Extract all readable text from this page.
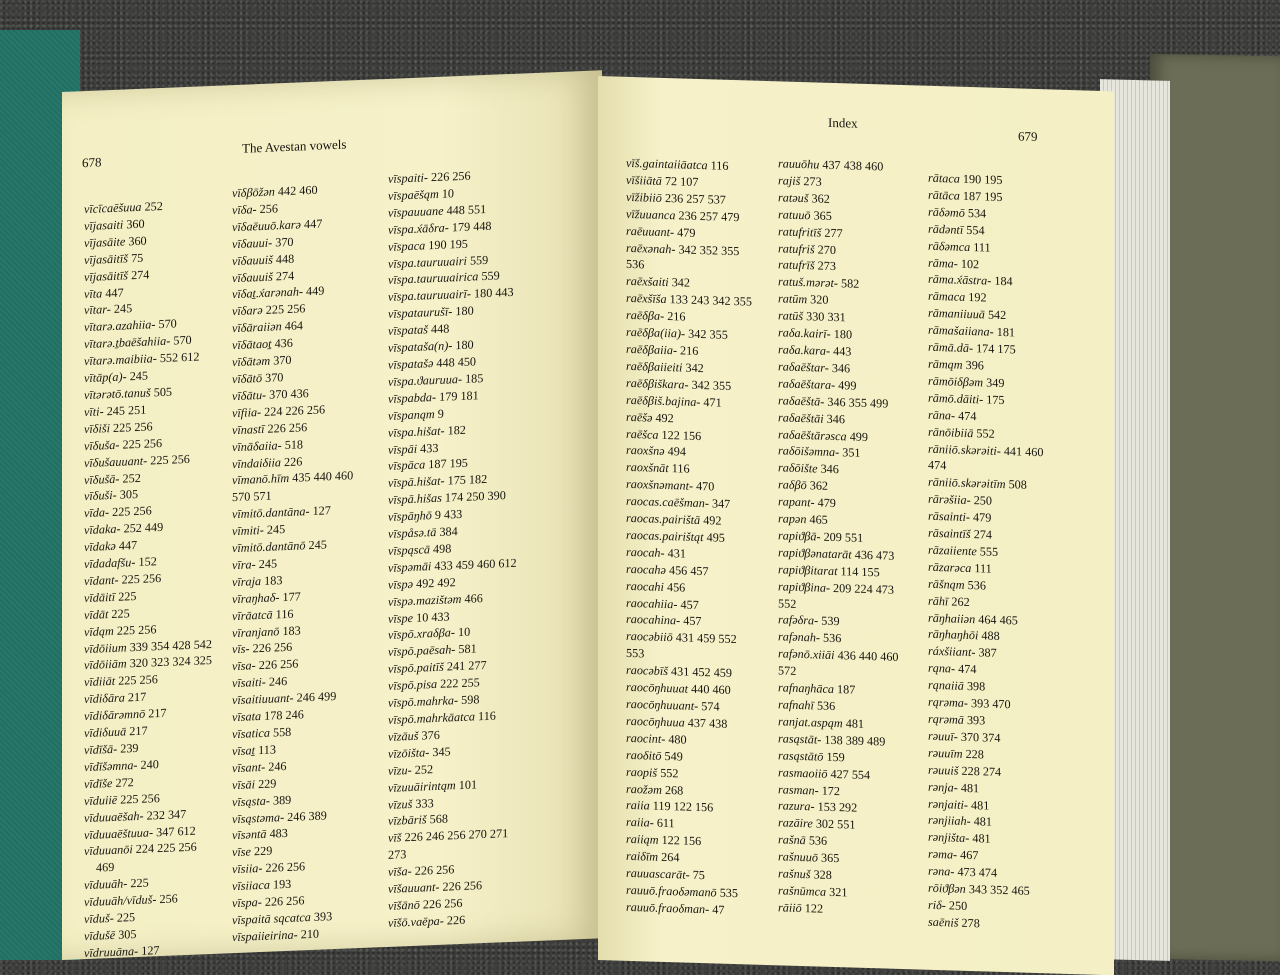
678
The Avestan vowels
vīcīcaēšuua 252
vījasaiti 360
vījasāite 360
vījasāitīš 75
vījasāitīš 274
vīta 447
vītar- 245
vītarə.azahiia- 570
vītarə.ṯbaēšahiia- 570
vītarə.maibiia- 552 612
vītāp(a)- 245
vītərətō.tanuš 505
vīti- 245 251
vīδiši 225 256
vīδuša- 225 256
vīδušauuant- 225 256
vīδušā- 252
vīδuši- 305
vīda- 225 256
vīdaka- 252 449
vīdakə 447
vīdadafšu- 152
vīdant- 225 256
vīdāitī 225
vīdāt 225
vīdąm 225 256
vīdōiium 339 354 428 542
vīdōiiām 320 323 324 325
vīdiiāt 225 256
vīdiδāra 217
vīdiδārəmnō 217
vīdiδuuā 217
vīdīšā- 239
vīdīšəmna- 240
vīdīše 272
vīduiiē 225 256
vīduuaēšah- 232 347
vīduuaēštuua- 347 612
vīduuanōi 224 225 256
469
vīduuāh- 225
vīduuāh/vīduš- 256
vīduš- 225
vīdušē 305
vīdruuāna- 127
vīδβōžən 442 460
vīδa- 256
vīδaēuuō.karə 447
vīδauui- 370
vīδauuiš 448
vīδauuiš 274
vīδaṯ.x́arənah- 449
vīδarə 225 256
vīδāraiiən 464
vīδātaoṯ 436
vīδātəm 370
vīδātō 370
vīδātu- 370 436
vīfiia- 224 226 256
vīnastī 226 256
vīnāδaiia- 518
vīndaiδiia 226
vīmanō.hīm 435 440 460
570 571
vīmitō.dantāna- 127
vīmiti- 245
vīmitō.dantānō 245
vīra- 245
vīraja 183
vīraŋhaδ- 177
vīrāatcā 116
vīranjanō 183
vīs- 226 256
vīsa- 226 256
vīsaiti- 246
vīsaitiuuant- 246 499
vīsata 178 246
vīsatica 558
vīsaṯ 113
vīsant- 246
vīsāi 229
vīsąsta- 389
vīsąstəma- 246 389
vīsəntā 483
vīse 229
vīsiia- 226 256
vīsiiaca 193
vīspa- 226 256
vīspaitā sqcatca 393
vīspaiieirina- 210
vīspaiti- 226 256
vīspaēšąm 10
vīspauuane 448 551
vīspa.x́āδra- 179 448
vīspaca 190 195
vīspa.tauruuairi 559
vīspa.tauruuairica 559
vīspa.tauruuairī- 180 443
vīspataurušī- 180
vīspataš 448
vīspataša(n)- 180
vīspatašə 448 450
vīspa.ϑauruua- 185
vīspabda- 179 181
vīspanąm 9
vīspa.hišat- 182
vīspāi 433
vīspāca 187 195
vīspā.hišat- 175 182
vīspā.hišas 174 250 390
vīspāŋhō 9 433
vīspåsə.tā 384
vīspąscā 498
vīspəmāi 433 459 460 612
vīspə 492 492
vīspə.mazištəm 466
vīspe 10 433
vīspō.xraδβa- 10
vīspō.paēsah- 581
vīspō.paitīš 241 277
vīspō.pisa 222 255
vīspō.mahrka- 598
vīspō.mahrkāatca 116
vīzāuš 376
vīzōišta- 345
vīzu- 252
vīzuuāirintąm 101
vīzuš 333
vīzbāriš 568
vīš 226 246 256 270 271
273
vīša- 226 256
vīšauuant- 226 256
vīšānō 226 256
vīšō.vaēpa- 226
Index
679
vīš.gaintaiiāatca 116
vīšiiātā 72 107
vīžibiiō 236 257 537
vīžuuanca 236 257 479
raēuuant- 479
raēxənah- 342 352 355
536
raēxšaiti 342
raēxšīša 133 243 342 355
raēδβa- 216
raēδβa(iia)- 342 355
raēδβaiia- 216
raēδβaiieiti 342
raēδβiškara- 342 355
raēδβiš.bajina- 471
raēšə 492
raēšca 122 156
raoxšnə 494
raoxšnāt 116
raoxšnəmant- 470
raocas.caēšman- 347
raocas.pairištā 492
raocas.pairištąt 495
raocah- 431
raocahə 456 457
raocahi 456
raocahiia- 457
raocahina- 457
raocəbiiō 431 459 552
553
raocəbīš 431 452 459
raocōŋhuuat 440 460
raocōŋhuuant- 574
raocōŋhuua 437 438
raocint- 480
raoδitō 549
raopiš 552
raožəm 268
raiia 119 122 156
raiia- 611
raiiąm 122 156
raiδīm 264
rauuascarāt- 75
rauuō.fraoδəmanō 535
rauuō.fraoδman- 47
rauuōhu 437 438 460
rajiš 273
ratəuš 362
ratuuō 365
ratufritīš 277
ratufriš 270
ratufrīš 273
ratuš.mərət- 582
ratūm 320
ratūš 330 331
raδa.kairī- 180
raδa.kara- 443
raδaēštar- 346
raδaēštara- 499
raδaēštā- 346 355 499
raδaēštāi 346
raδaēštārəsca 499
raδōišəmna- 351
raδōište 346
raδβō 362
rapant- 479
rapən 465
rapiϑβā- 209 551
rapiϑβənatarāt 436 473
rapiϑβitarat 114 155
rapiϑβina- 209 224 473
552
rafəδra- 539
rafənah- 536
rafənō.xiiāi 436 440 460
572
rafnaŋhāca 187
rafnahī 536
ranjat.aspąm 481
rasąstāt- 138 389 489
rasąstātō 159
rasmaoiiō 427 554
rasman- 172
razura- 153 292
razāire 302 551
rašnā 536
rašnuuō 365
rašnuš 328
rašnūmca 321
rāiiō 122
rātaca 190 195
rātāca 187 195
rāδəmō 534
rādəntī 554
rāδəmca 111
rāma- 102
rāma.x́āstra- 184
rāmaca 192
rāmaniiuuā 542
rāmašaiiana- 181
rāmā.dā- 174 175
rāmąm 396
rāmōiδβəm 349
rāmō.dāiti- 175
rāna- 474
rānōibiiā 552
rāniiō.skərəiti- 441 460
474
rāniiō.skərəitīm 508
rārəšiia- 250
rāsainti- 479
rāsaintīš 274
rāzaiiente 555
rāzarəca 111
rāšnąm 536
rāhī 262
rāŋhaiiən 464 465
rāŋhaŋhōi 488
ráxšiiant- 387
rąna- 474
rąnaiiā 398
rąrəma- 393 470
rąrəmā 393
rəuuī- 370 374
rəuuīm 228
rəuuiš 228 274
rənja- 481
rənjaiti- 481
rənjiiah- 481
rənjišta- 481
rəma- 467
rəna- 473 474
rōiϑβən 343 352 465
riδ- 250
saēniš 278
